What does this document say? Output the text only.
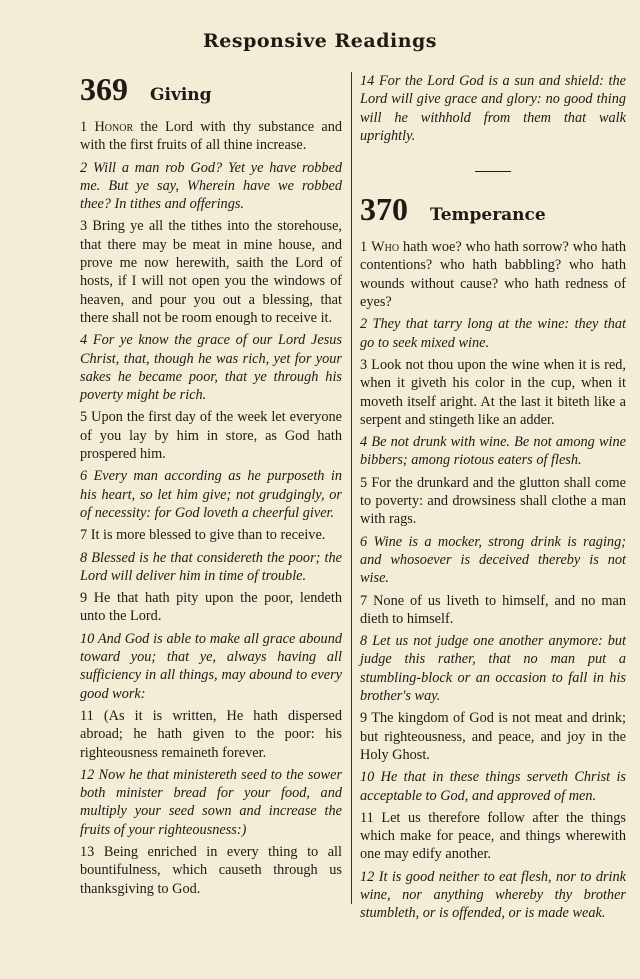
Responsive Readings
369 Giving

1 Honor the Lord with thy substance and with the first fruits of all thine increase.

2 Will a man rob God? Yet ye have robbed me. But ye say, Wherein have we robbed thee? In tithes and offerings.

3 Bring ye all the tithes into the storehouse, that there may be meat in mine house, and prove me now herewith, saith the Lord of hosts, if I will not open you the windows of heaven, and pour you out a blessing, that there shall not be room enough to receive it.

4 For ye know the grace of our Lord Jesus Christ, that, though he was rich, yet for your sakes he became poor, that ye through his poverty might be rich.

5 Upon the first day of the week let everyone of you lay by him in store, as God hath prospered him.

6 Every man according as he purposeth in his heart, so let him give; not grudgingly, or of necessity: for God loveth a cheerful giver.

7 It is more blessed to give than to receive.

8 Blessed is he that considereth the poor; the Lord will deliver him in time of trouble.

9 He that hath pity upon the poor, lendeth unto the Lord.

10 And God is able to make all grace abound toward you; that ye, always having all sufficiency in all things, may abound to every good work:

11 (As it is written, He hath dispersed abroad; he hath given to the poor: his righteousness remaineth forever.

12 Now he that ministereth seed to the sower both minister bread for your food, and multiply your seed sown and increase the fruits of your righteousness:)

13 Being enriched in every thing to all bountifulness, which causeth through us thanksgiving to God.

14 For the Lord God is a sun and shield: the Lord will give grace and glory: no good thing will he withhold from them that walk uprightly.

370 Temperance

1 Who hath woe? who hath sorrow? who hath contentions? who hath babbling? who hath wounds without cause? who hath redness of eyes?

2 They that tarry long at the wine: they that go to seek mixed wine.

3 Look not thou upon the wine when it is red, when it giveth his color in the cup, when it moveth itself aright. At the last it biteth like a serpent and stingeth like an adder.

4 Be not drunk with wine. Be not among wine bibbers; among riotous eaters of flesh.

5 For the drunkard and the glutton shall come to poverty: and drowsiness shall clothe a man with rags.

6 Wine is a mocker, strong drink is raging; and whosoever is deceived thereby is not wise.

7 None of us liveth to himself, and no man dieth to himself.

8 Let us not judge one another anymore: but judge this rather, that no man put a stumbling-block or an occasion to fall in his brother's way.

9 The kingdom of God is not meat and drink; but righteousness, and peace, and joy in the Holy Ghost.

10 He that in these things serveth Christ is acceptable to God, and approved of men.

11 Let us therefore follow after the things which make for peace, and things wherewith one may edify another.

12 It is good neither to eat flesh, nor to drink wine, nor anything whereby thy brother stumbleth, or is offended, or is made weak.
